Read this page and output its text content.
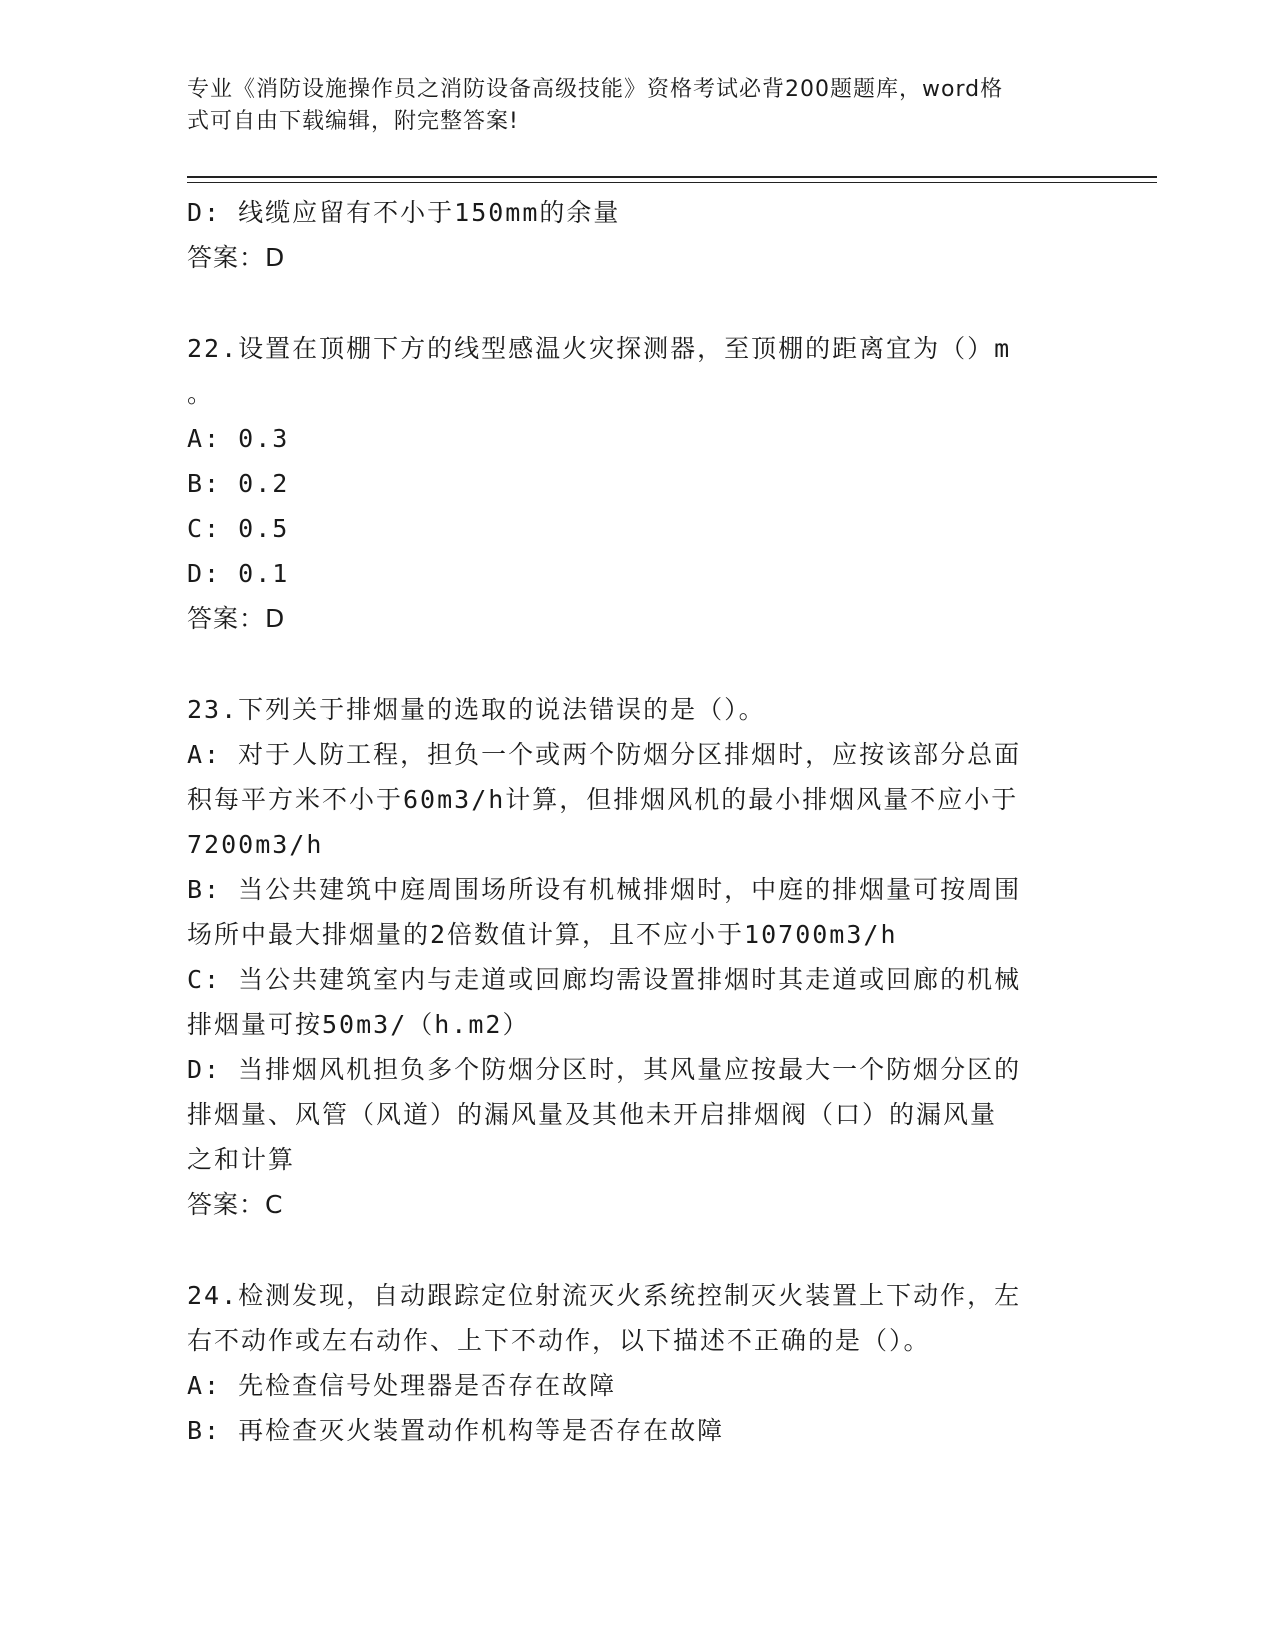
专业《消防设施操作员之消防设备高级技能》资格考试必背200题题库，word格
式可自由下载编辑，附完整答案!
D: 线缆应留有不小于150mm的余量
答案：D
22.设置在顶棚下方的线型感温火灾探测器，至顶棚的距离宜为（）m
。
A: 0.3
B: 0.2
C: 0.5
D: 0.1
答案：D
23.下列关于排烟量的选取的说法错误的是（）。
A: 对于人防工程，担负一个或两个防烟分区排烟时，应按该部分总面
积每平方米不小于60m3/h计算，但排烟风机的最小排烟风量不应小于
7200m3/h
B: 当公共建筑中庭周围场所设有机械排烟时，中庭的排烟量可按周围
场所中最大排烟量的2倍数值计算，且不应小于10700m3/h
C: 当公共建筑室内与走道或回廊均需设置排烟时其走道或回廊的机械
排烟量可按50m3/（h.m2）
D: 当排烟风机担负多个防烟分区时，其风量应按最大一个防烟分区的
排烟量、风管（风道）的漏风量及其他未开启排烟阀（口）的漏风量
之和计算
答案：C
24.检测发现，自动跟踪定位射流灭火系统控制灭火装置上下动作，左
右不动作或左右动作、上下不动作，以下描述不正确的是（）。
A: 先检查信号处理器是否存在故障
B: 再检查灭火装置动作机构等是否存在故障
